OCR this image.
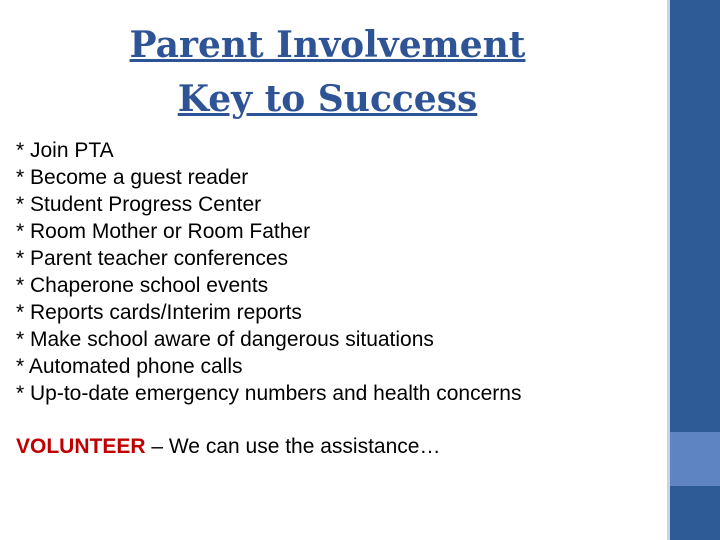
Parent Involvement
Key to Success
* Join PTA
* Become a guest reader
* Student Progress Center
* Room Mother or Room Father
* Parent teacher conferences
* Chaperone school events
* Reports cards/Interim reports
* Make school aware of dangerous situations
* Automated phone calls
* Up-to-date emergency numbers and health concerns
VOLUNTEER – We can use the assistance…
